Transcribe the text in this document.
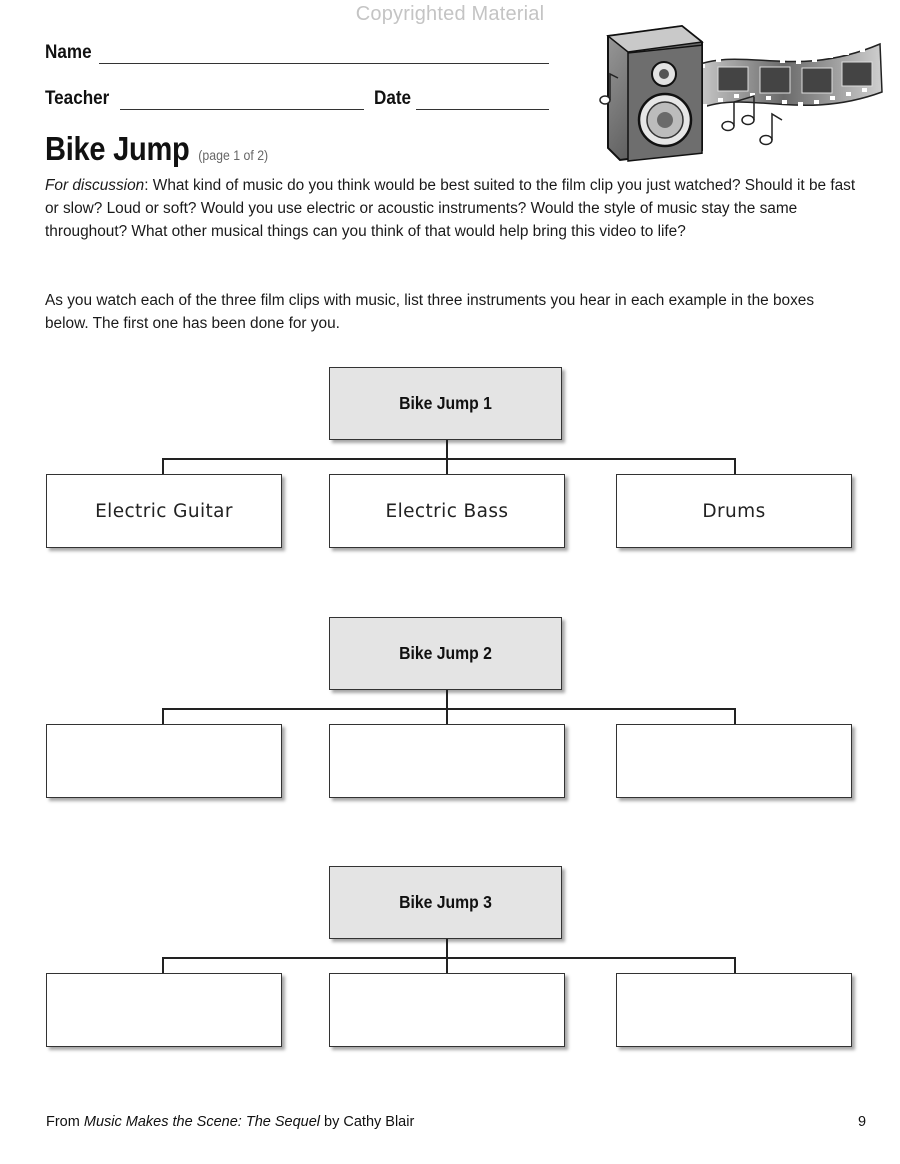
Copyrighted Material
Name
Teacher	Date
Bike Jump (page 1 of 2)

For discussion: What kind of music do you think would be best suited to the film clip you just watched? Should it be fast or slow? Loud or soft? Would you use electric or acoustic instruments? Would the style of music stay the same throughout? What other musical things can you think of that would help bring this video to life?

As you watch each of the three film clips with music, list three instruments you hear in each example in the boxes below. The first one has been done for you.

Bike Jump 1
Electric Guitar	Electric Bass	Drums
Bike Jump 2
Bike Jump 3
From Music Makes the Scene: The Sequel by Cathy Blair	9
